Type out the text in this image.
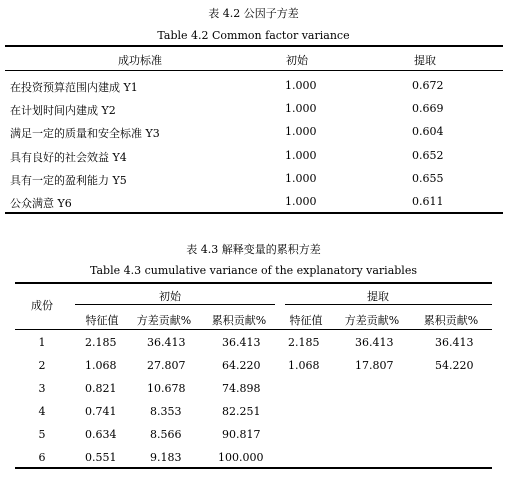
表 4.2 公因子方差
Table 4.2 Common factor variance
成功标准	初始	提取
在投资预算范围内建成 Y1	1.000	0.672
在计划时间内建成 Y2	1.000	0.669
满足一定的质量和安全标准 Y3	1.000	0.604
具有良好的社会效益 Y4	1.000	0.652
具有一定的盈利能力 Y5	1.000	0.655
公众满意 Y6	1.000	0.611
表 4.3 解释变量的累积方差
Table 4.3 cumulative variance of the explanatory variables
成份
初始	提取
特征值	方差贡献%	累积贡献%	特征值	方差贡献%	累积贡献%
1	2.185	36.413	36.413	2.185	36.413	36.413
2	1.068	27.807	64.220	1.068	17.807	54.220
3	0.821	10.678	74.898
4	0.741	8.353	82.251
5	0.634	8.566	90.817
6	0.551	9.183	100.000
